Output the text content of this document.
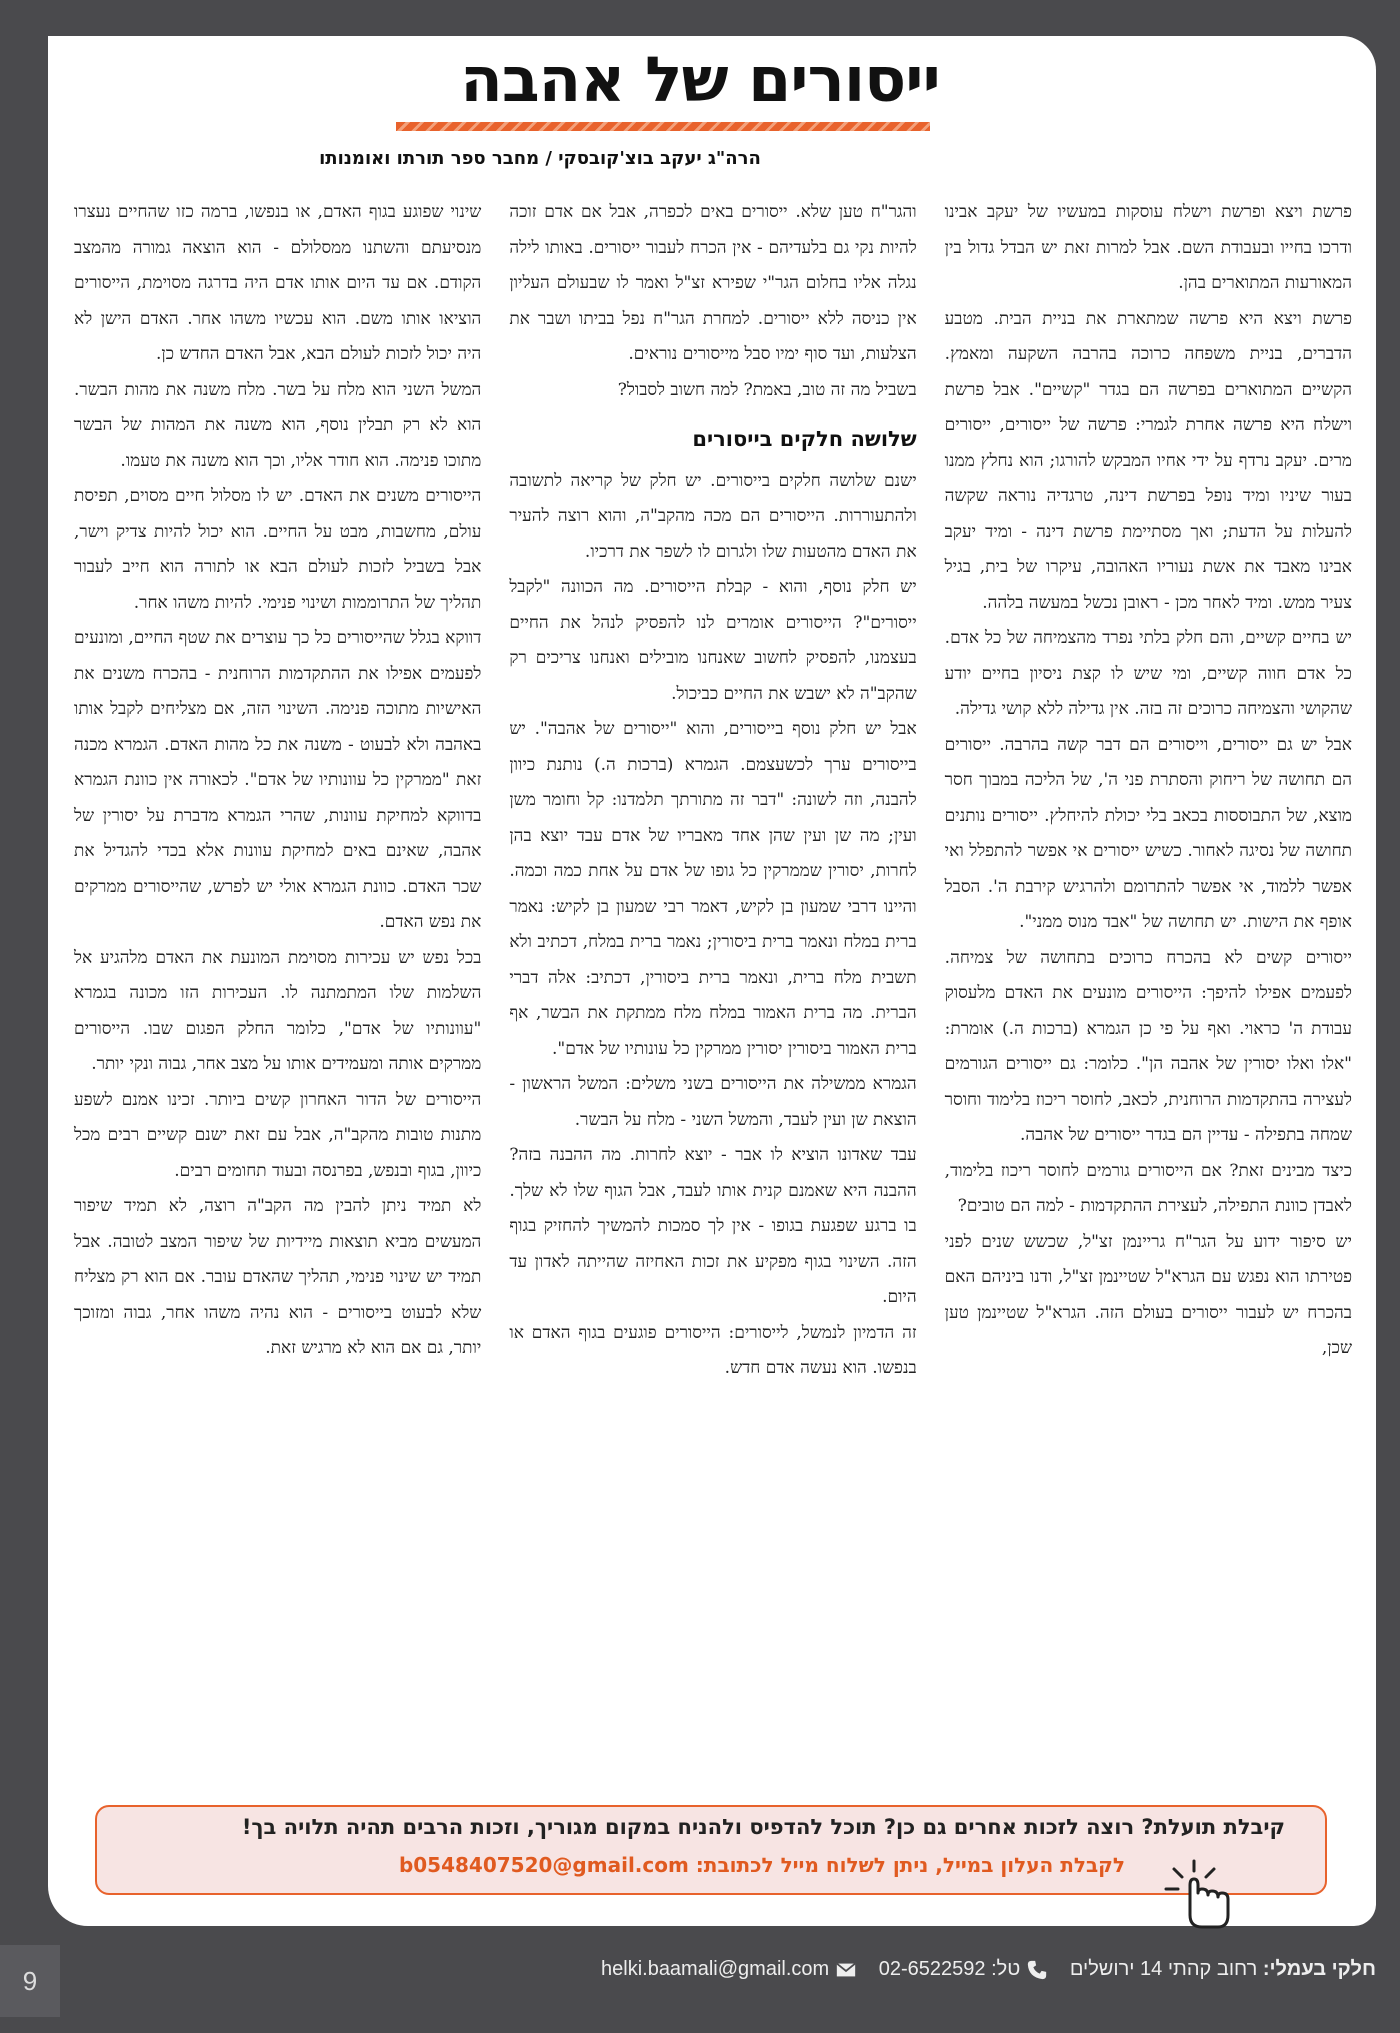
ייסורים של אהבה
הרה"ג יעקב בוצ'קובסקי / מחבר ספר תורתו ואומנותו

פרשת ויצא ופרשת וישלח עוסקות במעשיו של יעקב אבינו ודרכו בחייו ובעבודת השם. אבל למרות זאת יש הבדל גדול בין המאורעות המתוארים בהן.

פרשת ויצא היא פרשה שמתארת את בניית הבית. מטבע הדברים, בניית משפחה כרוכה בהרבה השקעה ומאמץ. הקשיים המתוארים בפרשה הם בגדר "קשיים". אבל פרשת וישלח היא פרשה אחרת לגמרי: פרשה של ייסורים, ייסורים מרים. יעקב נרדף על ידי אחיו המבקש להורגו; הוא נחלץ ממנו בעור שיניו ומיד נופל בפרשת דינה, טרגדיה נוראה שקשה להעלות על הדעת; ואך מסתיימת פרשת דינה - ומיד יעקב אבינו מאבד את אשת נעוריו האהובה, עיקרו של בית, בגיל צעיר ממש. ומיד לאחר מכן - ראובן נכשל במעשה בלהה.

יש בחיים קשיים, והם חלק בלתי נפרד מהצמיחה של כל אדם. כל אדם חווה קשיים, ומי שיש לו קצת ניסיון בחיים יודע שהקושי והצמיחה כרוכים זה בזה. אין גדילה ללא קושי גדילה.

אבל יש גם ייסורים, וייסורים הם דבר קשה בהרבה. ייסורים הם תחושה של ריחוק והסתרת פני ה', של הליכה במבוך חסר מוצא, של התבוססות בכאב בלי יכולת להיחלץ. ייסורים נותנים תחושה של נסיגה לאחור. כשיש ייסורים אי אפשר להתפלל ואי אפשר ללמוד, אי אפשר להתרומם ולהרגיש קירבת ה'. הסבל אופף את הישות. יש תחושה של "אבד מנוס ממני".

ייסורים קשים לא בהכרח כרוכים בתחושה של צמיחה. לפעמים אפילו להיפך: הייסורים מונעים את האדם מלעסוק עבודת ה' כראוי. ואף על פי כן הגמרא (ברכות ה.) אומרת: "אלו ואלו יסורין של אהבה הן". כלומר: גם ייסורים הגורמים לעצירה בהתקדמות הרוחנית, לכאב, לחוסר ריכוז בלימוד וחוסר שמחה בתפילה - עדיין הם בגדר ייסורים של אהבה.

כיצד מבינים זאת? אם הייסורים גורמים לחוסר ריכוז בלימוד, לאבדן כוונת התפילה, לעצירת ההתקדמות - למה הם טובים?

יש סיפור ידוע על הגר"ח גריינמן זצ"ל, שכשש שנים לפני פטירתו הוא נפגש עם הגרא"ל שטיינמן זצ"ל, ודנו ביניהם האם בהכרח יש לעבור ייסורים בעולם הזה. הגרא"ל שטיינמן טען שכן,

והגר"ח טען שלא. ייסורים באים לכפרה, אבל אם אדם זוכה להיות נקי גם בלעדיהם - אין הכרח לעבור ייסורים. באותו לילה נגלה אליו בחלום הגר"י שפירא זצ"ל ואמר לו שבעולם העליון אין כניסה ללא ייסורים. למחרת הגר"ח נפל בביתו ושבר את הצלעות, ועד סוף ימיו סבל מייסורים נוראים.

בשביל מה זה טוב, באמת? למה חשוב לסבול?

שלושה חלקים בייסורים

ישנם שלושה חלקים בייסורים. יש חלק של קריאה לתשובה ולהתעוררות. הייסורים הם מכה מהקב"ה, והוא רוצה להעיר את האדם מהטעות שלו ולגרום לו לשפר את דרכיו.

יש חלק נוסף, והוא - קבלת הייסורים. מה הכוונה "לקבל ייסורים"? הייסורים אומרים לנו להפסיק לנהל את החיים בעצמנו, להפסיק לחשוב שאנחנו מובילים ואנחנו צריכים רק שהקב"ה לא ישבש את החיים כביכול.

אבל יש חלק נוסף בייסורים, והוא "ייסורים של אהבה". יש בייסורים ערך לכשעצמם. הגמרא (ברכות ה.) נותנת כיוון להבנה, וזה לשונה: "דבר זה מתורתך תלמדנו: קל וחומר משן ועין; מה שן ועין שהן אחד מאבריו של אדם עבד יוצא בהן לחרות, יסורין שממרקין כל גופו של אדם על אחת כמה וכמה. והיינו דרבי שמעון בן לקיש, דאמר רבי שמעון בן לקיש: נאמר ברית במלח ונאמר ברית ביסורין; נאמר ברית במלח, דכתיב ולא תשבית מלח ברית, ונאמר ברית ביסורין, דכתיב: אלה דברי הברית. מה ברית האמור במלח מלח ממתקת את הבשר, אף ברית האמור ביסורין יסורין ממרקין כל עונותיו של אדם".

הגמרא ממשילה את הייסורים בשני משלים: המשל הראשון - הוצאת שן ועין לעבד, והמשל השני - מלח על הבשר.

עבד שאדונו הוציא לו אבר - יוצא לחרות. מה ההבנה בזה? ההבנה היא שאמנם קנית אותו לעבד, אבל הגוף שלו לא שלך. בו ברגע שפגעת בגופו - אין לך סמכות להמשיך להחזיק בגוף הזה. השינוי בגוף מפקיע את זכות האחיזה שהייתה לאדון עד היום.

זה הדמיון לנמשל, לייסורים: הייסורים פוגעים בגוף האדם או בנפשו. הוא נעשה אדם חדש.

שינוי שפוגע בגוף האדם, או בנפשו, ברמה כזו שהחיים נעצרו מנסיעתם והשתנו ממסלולם - הוא הוצאה גמורה מהמצב הקודם. אם עד היום אותו אדם היה בדרגה מסוימת, הייסורים הוציאו אותו משם. הוא עכשיו משהו אחר. האדם הישן לא היה יכול לזכות לעולם הבא, אבל האדם החדש כן.

המשל השני הוא מלח על בשר. מלח משנה את מהות הבשר. הוא לא רק תבלין נוסף, הוא משנה את המהות של הבשר מתוכו פנימה. הוא חודר אליו, וכך הוא משנה את טעמו.

הייסורים משנים את האדם. יש לו מסלול חיים מסוים, תפיסת עולם, מחשבות, מבט על החיים. הוא יכול להיות צדיק וישר, אבל בשביל לזכות לעולם הבא או לתורה הוא חייב לעבור תהליך של התרוממות ושינוי פנימי. להיות משהו אחר.

דווקא בגלל שהייסורים כל כך עוצרים את שטף החיים, ומונעים לפעמים אפילו את ההתקדמות הרוחנית - בהכרח משנים את האישיות מתוכה פנימה. השינוי הזה, אם מצליחים לקבל אותו באהבה ולא לבעוט - משנה את כל מהות האדם. הגמרא מכנה זאת "ממרקין כל עוונותיו של אדם". לכאורה אין כוונת הגמרא בדווקא למחיקת עוונות, שהרי הגמרא מדברת על יסורין של אהבה, שאינם באים למחיקת עוונות אלא בכדי להגדיל את שכר האדם. כוונת הגמרא אולי יש לפרש, שהייסורים ממרקים את נפש האדם.

בכל נפש יש עכירות מסוימת המונעת את האדם מלהגיע אל השלמות שלו המתמתנה לו. העכירות הזו מכונה בגמרא "עוונותיו של אדם", כלומר החלק הפגום שבו. הייסורים ממרקים אותה ומעמידים אותו על מצב אחר, גבוה ונקי יותר.

הייסורים של הדור האחרון קשים ביותר. זכינו אמנם לשפע מתנות טובות מהקב"ה, אבל עם זאת ישנם קשיים רבים מכל כיוון, בגוף ובנפש, בפרנסה ובעוד תחומים רבים.

לא תמיד ניתן להבין מה הקב"ה רוצה, לא תמיד שיפור המעשים מביא תוצאות מיידיות של שיפור המצב לטובה. אבל תמיד יש שינוי פנימי, תהליך שהאדם עובר. אם הוא רק מצליח שלא לבעוט בייסורים - הוא נהיה משהו אחר, גבוה ומזוכך יותר, גם אם הוא לא מרגיש זאת.

קיבלת תועלת? רוצה לזכות אחרים גם כן? תוכל להדפיס ולהניח במקום מגוריך, וזכות הרבים תהיה תלויה בך!
לקבלת העלון במייל, ניתן לשלוח מייל לכתובת: b0548407520@gmail.com
9	חלקי בעמלי: רחוב קהתי 14 ירושלים
טל: 02-6522592
helki.baamali@gmail.com
